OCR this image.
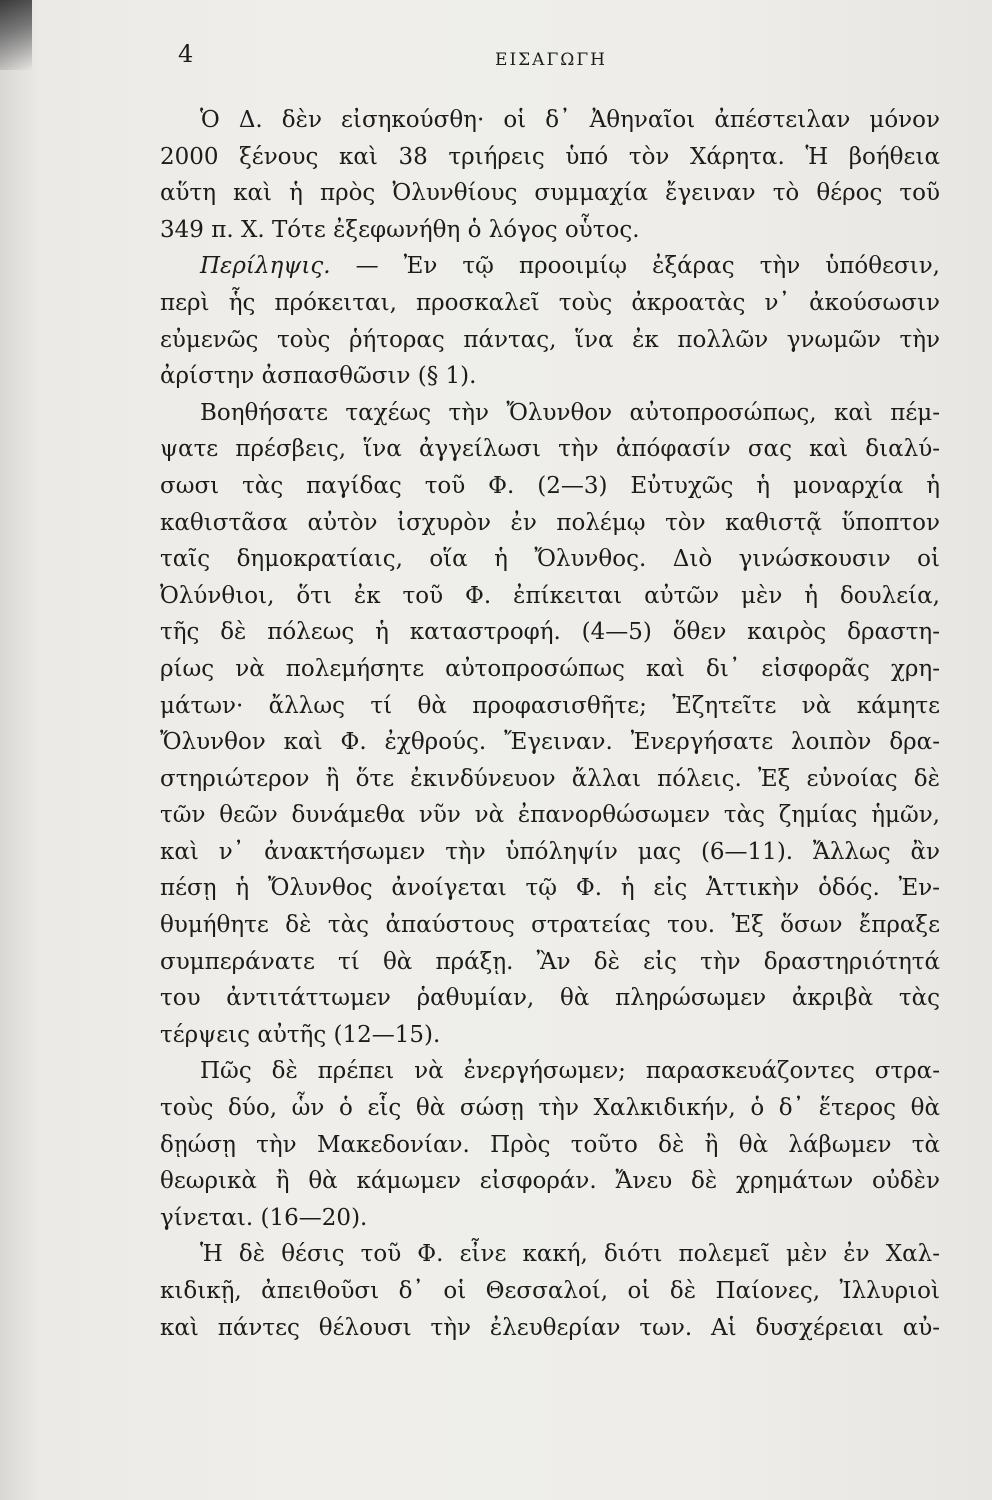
4	ΕΙΣΑΓΩΓΗ
Ὁ Δ. δὲν εἰσηκούσθη· οἱ δ᾽ Ἀθηναῖοι ἀπέστειλαν μόνον
2000 ξένους καὶ 38 τριήρεις ὑπό τὸν Χάρητα. Ἡ βοήθεια
αὕτη καὶ ἡ πρὸς Ὀλυνθίους συμμαχία ἔγειναν τὸ θέρος τοῦ
349 π. Χ. Τότε ἐξεφωνήθη ὁ λόγος οὗτος.
Περίληψις. — Ἐν τῷ προοιμίῳ ἐξάρας τὴν ὑπόθεσιν,
περὶ ἧς πρόκειται, προσκαλεῖ τοὺς ἀκροατὰς ν᾽ ἀκούσωσιν
εὐμενῶς τοὺς ῥήτορας πάντας, ἵνα ἐκ πολλῶν γνωμῶν τὴν
ἀρίστην ἀσπασθῶσιν (§ 1).
Βοηθήσατε ταχέως τὴν Ὄλυνθον αὐτοπροσώπως, καὶ πέμ-
ψατε πρέσβεις, ἵνα ἀγγείλωσι τὴν ἀπόφασίν σας καὶ διαλύ-
σωσι τὰς παγίδας τοῦ Φ. (2—3) Εὐτυχῶς ἡ μοναρχία ἡ
καθιστᾶσα αὐτὸν ἰσχυρὸν ἐν πολέμῳ τὸν καθιστᾷ ὕποπτον
ταῖς δημοκρατίαις, οἵα ἡ Ὄλυνθος. Διὸ γινώσκουσιν οἱ
Ὀλύνθιοι, ὅτι ἐκ τοῦ Φ. ἐπίκειται αὐτῶν μὲν ἡ δουλεία,
τῆς δὲ πόλεως ἡ καταστροφή. (4—5) ὅθεν καιρὸς δραστη-
ρίως νὰ πολεμήσητε αὐτοπροσώπως καὶ δι᾽ εἰσφορᾶς χρη-
μάτων· ἄλλως τί θὰ προφασισθῆτε; Ἐζητεῖτε νὰ κάμητε
Ὄλυνθον καὶ Φ. ἐχθρούς. Ἔγειναν. Ἐνεργήσατε λοιπὸν δρα-
στηριώτερον ἢ ὅτε ἐκινδύνευον ἄλλαι πόλεις. Ἐξ εὐνοίας δὲ
τῶν θεῶν δυνάμεθα νῦν νὰ ἐπανορθώσωμεν τὰς ζημίας ἡμῶν,
καὶ ν᾽ ἀνακτήσωμεν τὴν ὑπόληψίν μας (6—11). Ἄλλως ἂν
πέσῃ ἡ Ὄλυνθος ἀνοίγεται τῷ Φ. ἡ εἰς Ἀττικὴν ὁδός. Ἐν-
θυμήθητε δὲ τὰς ἀπαύστους στρατείας του. Ἐξ ὅσων ἔπραξε
συμπεράνατε τί θὰ πράξῃ. Ἂν δὲ εἰς τὴν δραστηριότητά
του ἀντιτάττωμεν ῥαθυμίαν, θὰ πληρώσωμεν ἀκριβὰ τὰς
τέρψεις αὐτῆς (12—15).
Πῶς δὲ πρέπει νὰ ἐνεργήσωμεν; παρασκευάζοντες στρα-
τοὺς δύο, ὧν ὁ εἷς θὰ σώσῃ τὴν Χαλκιδικήν, ὁ δ᾽ ἕτερος θὰ
δῃώσῃ τὴν Μακεδονίαν. Πρὸς τοῦτο δὲ ἢ θὰ λάβωμεν τὰ
θεωρικὰ ἢ θὰ κάμωμεν εἰσφοράν. Ἄνευ δὲ χρημάτων οὐδὲν
γίνεται. (16—20).
Ἡ δὲ θέσις τοῦ Φ. εἶνε κακή, διότι πολεμεῖ μὲν ἐν Χαλ-
κιδικῇ, ἀπειθοῦσι δ᾽ οἱ Θεσσαλοί, οἱ δὲ Παίονες, Ἰλλυριοὶ
καὶ πάντες θέλουσι τὴν ἐλευθερίαν των. Αἱ δυσχέρειαι αὐ-
